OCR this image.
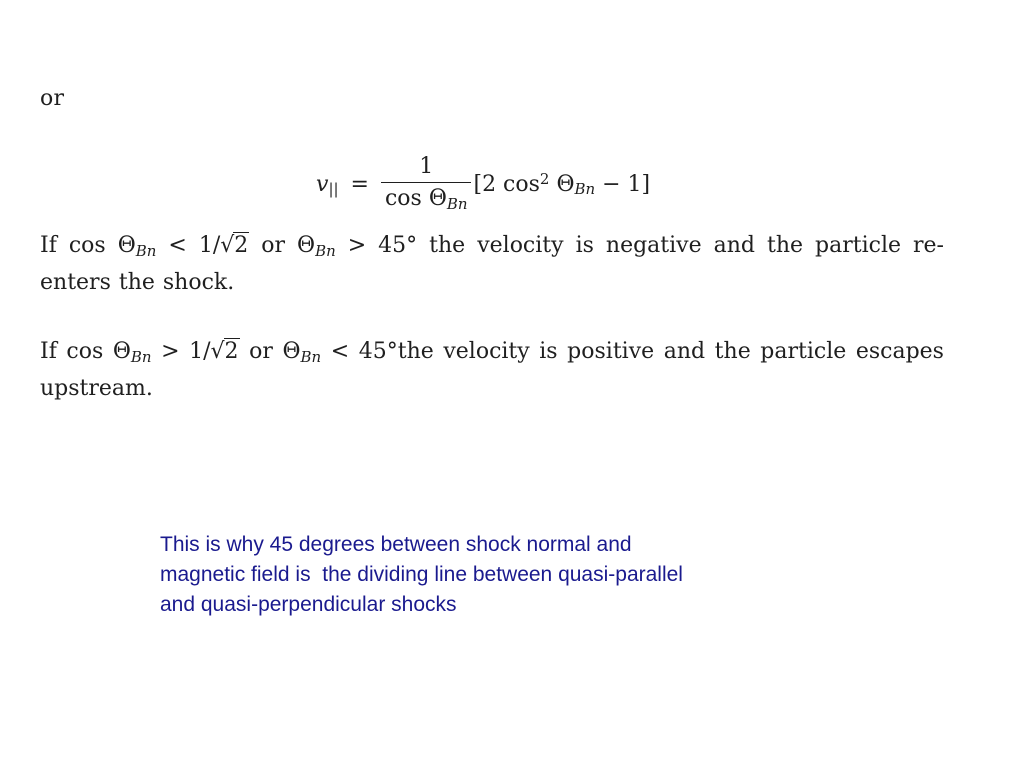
or
$v_{||} = \frac{1}{\cos \Theta_{Bn}} [2$ $\cos^2 \Theta_{Bn} - 1$]
If $\cos \Theta_{Bn} < 1/√2$ or $\Theta_{Bn} > 45^\circ$ the velocity is negative and the particle re-enters the shock.
If $\cos \Theta_{Bn} > 1/√2$ or $\Theta_{Bn} < 45^\circ the$ velocity is positive and the particle escapes upstream.
This is why 45 degrees between shock normal and
magnetic field is  the dividing line between quasi-parallel
and quasi-perpendicular shocks
